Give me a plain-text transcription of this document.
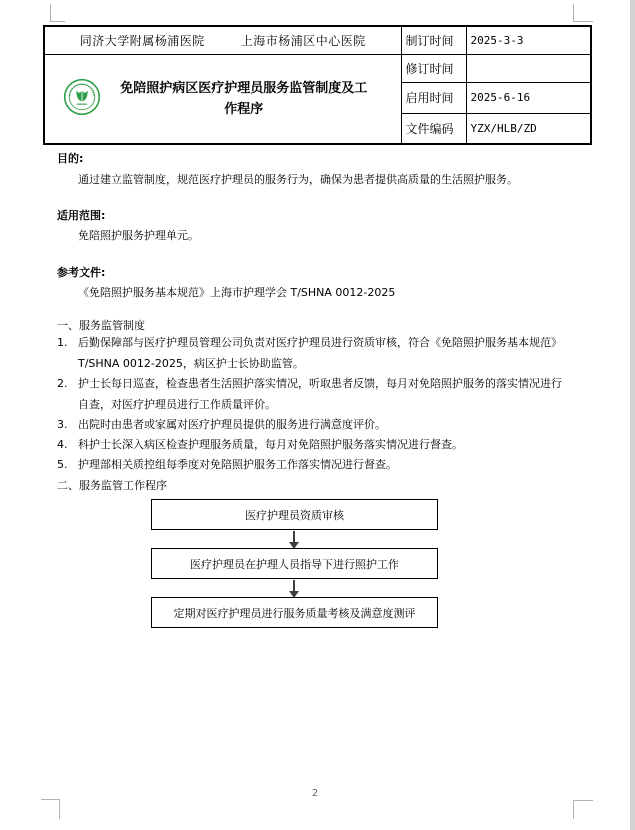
同济大学附属杨浦医院 上海市杨浦区中心医院	制订时间	2025-3-3

免陪照护病区医疗护理员服务监管制度及工
作程序	修订时间	
	启用时间	2025-6-16
	文件编码	YZX/HLB/ZD
目的:
通过建立监管制度，规范医疗护理员的服务行为，确保为患者提供高质量的生活照护服务。
适用范围:
免陪照护服务护理单元。
参考文件:
《免陪照护服务基本规范》上海市护理学会 T/SHNA 0012-2025
一、服务监管制度
1. 后勤保障部与医疗护理员管理公司负责对医疗护理员进行资质审核，符合《免陪照护服务基本规范》
T/SHNA 0012-2025，病区护士长协助监管。
2. 护士长每日巡查，检查患者生活照护落实情况，听取患者反馈，每月对免陪照护服务的落实情况进行
自查，对医疗护理员进行工作质量评价。
3. 出院时由患者或家属对医疗护理员提供的服务进行满意度评价。
4. 科护士长深入病区检查护理服务质量，每月对免陪照护服务落实情况进行督查。
5. 护理部相关质控组每季度对免陪照护服务工作落实情况进行督查。
二、服务监管工作程序
医疗护理员资质审核
医疗护理员在护理人员指导下进行照护工作
定期对医疗护理员进行服务质量考核及满意度测评
2
